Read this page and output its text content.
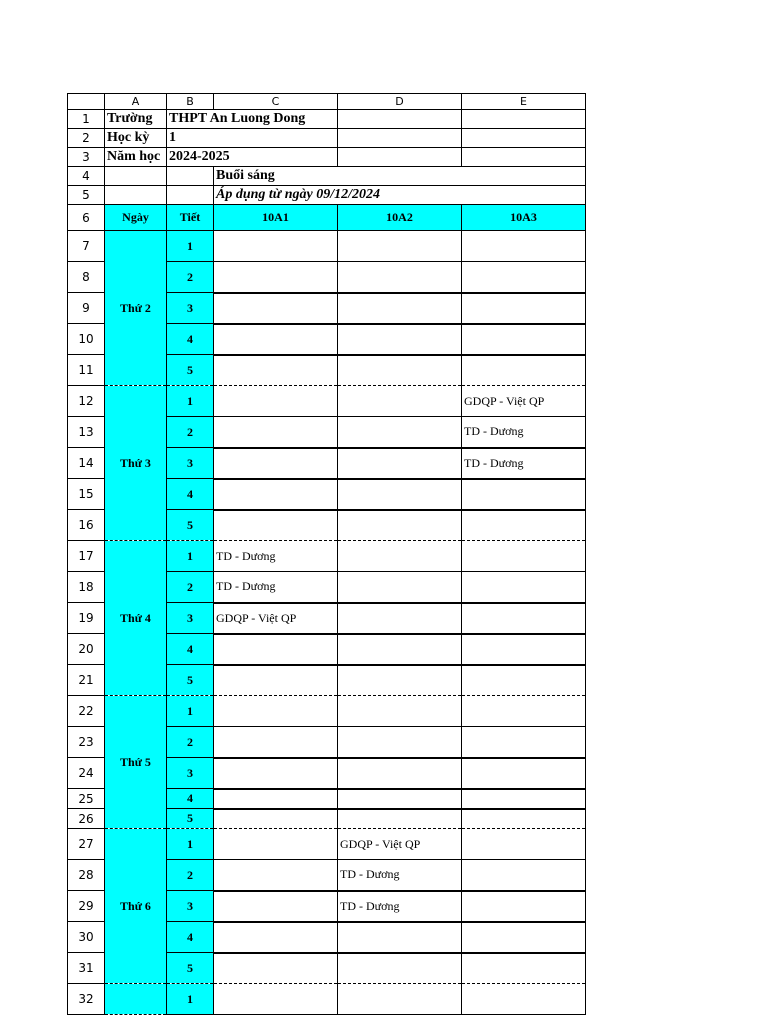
	A	B	C	D	E
1	Trường	THPT An Luong Dong			
2	Học kỳ	1			
3	Năm học	2024-2025			
4			Buổi sáng		
5			Áp dụng từ ngày 09/12/2024		
6	Ngày	Tiết	10A1	10A2	10A3
7	Thứ 2	1			
8		2			
9		3			
10		4			
11		5			
12	Thứ 3	1			GDQP - Việt QP
13		2			TD - Dương
14		3			TD - Dương
15		4			
16		5			
17	Thứ 4	1	TD - Dương		
18		2	TD - Dương		
19		3	GDQP - Việt QP		
20		4			
21		5			
22	Thứ 5	1			
23		2			
24		3			
25		4			
26		5			
27	Thứ 6	1		GDQP - Việt QP	
28		2		TD - Dương	
29		3		TD - Dương	
30		4			
31		5			
32		1			
